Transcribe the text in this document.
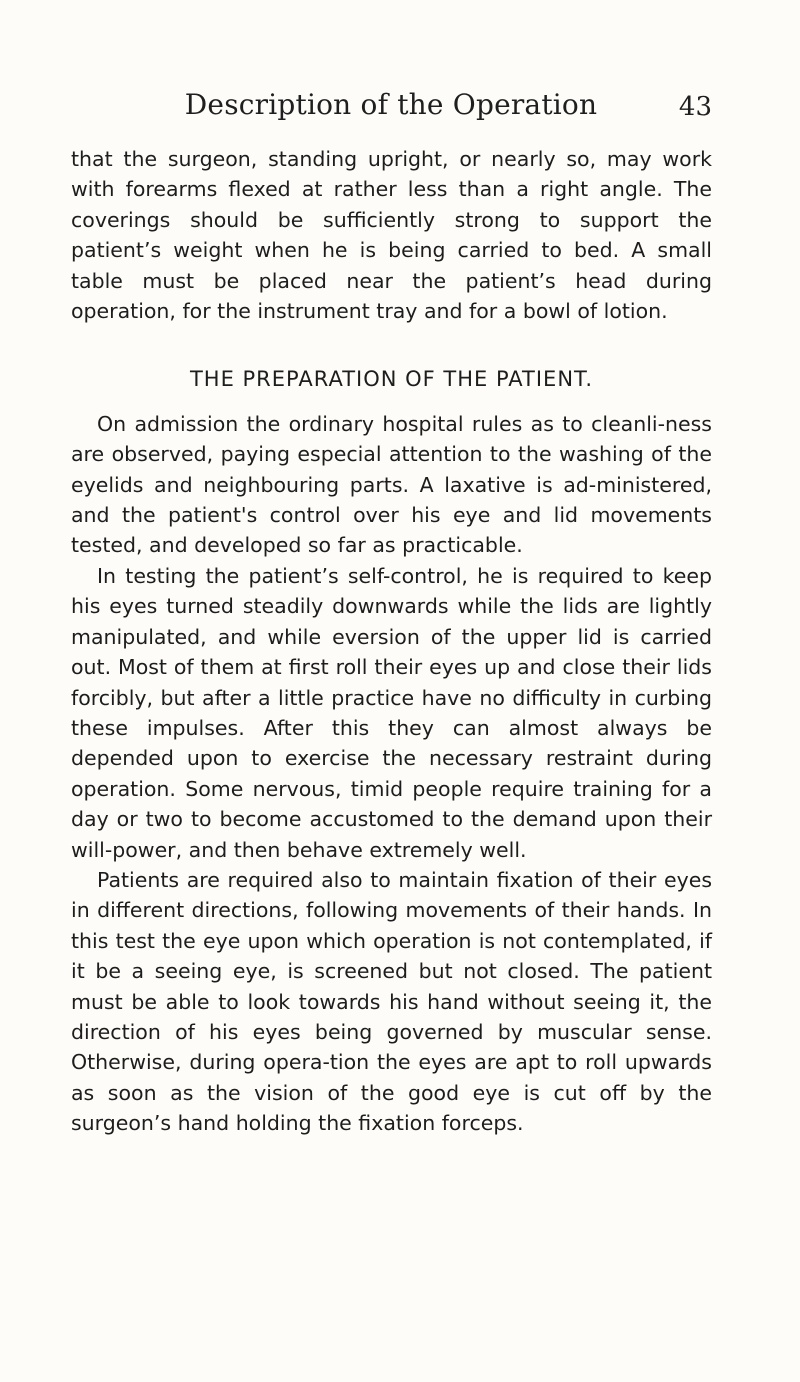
Description of the Operation	43

that the surgeon, standing upright, or nearly so, may work with forearms flexed at rather less than a right angle. The coverings should be sufficiently strong to support the patient’s weight when he is being carried to bed. A small table must be placed near the patient’s head during operation, for the instrument tray and for a bowl of lotion.

THE PREPARATION OF THE PATIENT.

On admission the ordinary hospital rules as to cleanli-ness are observed, paying especial attention to the washing of the eyelids and neighbouring parts. A laxative is ad-ministered, and the patient's control over his eye and lid movements tested, and developed so far as practicable.

In testing the patient’s self-control, he is required to keep his eyes turned steadily downwards while the lids are lightly manipulated, and while eversion of the upper lid is carried out. Most of them at first roll their eyes up and close their lids forcibly, but after a little practice have no difficulty in curbing these impulses. After this they can almost always be depended upon to exercise the necessary restraint during operation. Some nervous, timid people require training for a day or two to become accustomed to the demand upon their will-power, and then behave extremely well.

Patients are required also to maintain fixation of their eyes in different directions, following movements of their hands. In this test the eye upon which operation is not contemplated, if it be a seeing eye, is screened but not closed. The patient must be able to look towards his hand without seeing it, the direction of his eyes being governed by muscular sense. Otherwise, during opera-tion the eyes are apt to roll upwards as soon as the vision of the good eye is cut off by the surgeon’s hand holding the fixation forceps.
